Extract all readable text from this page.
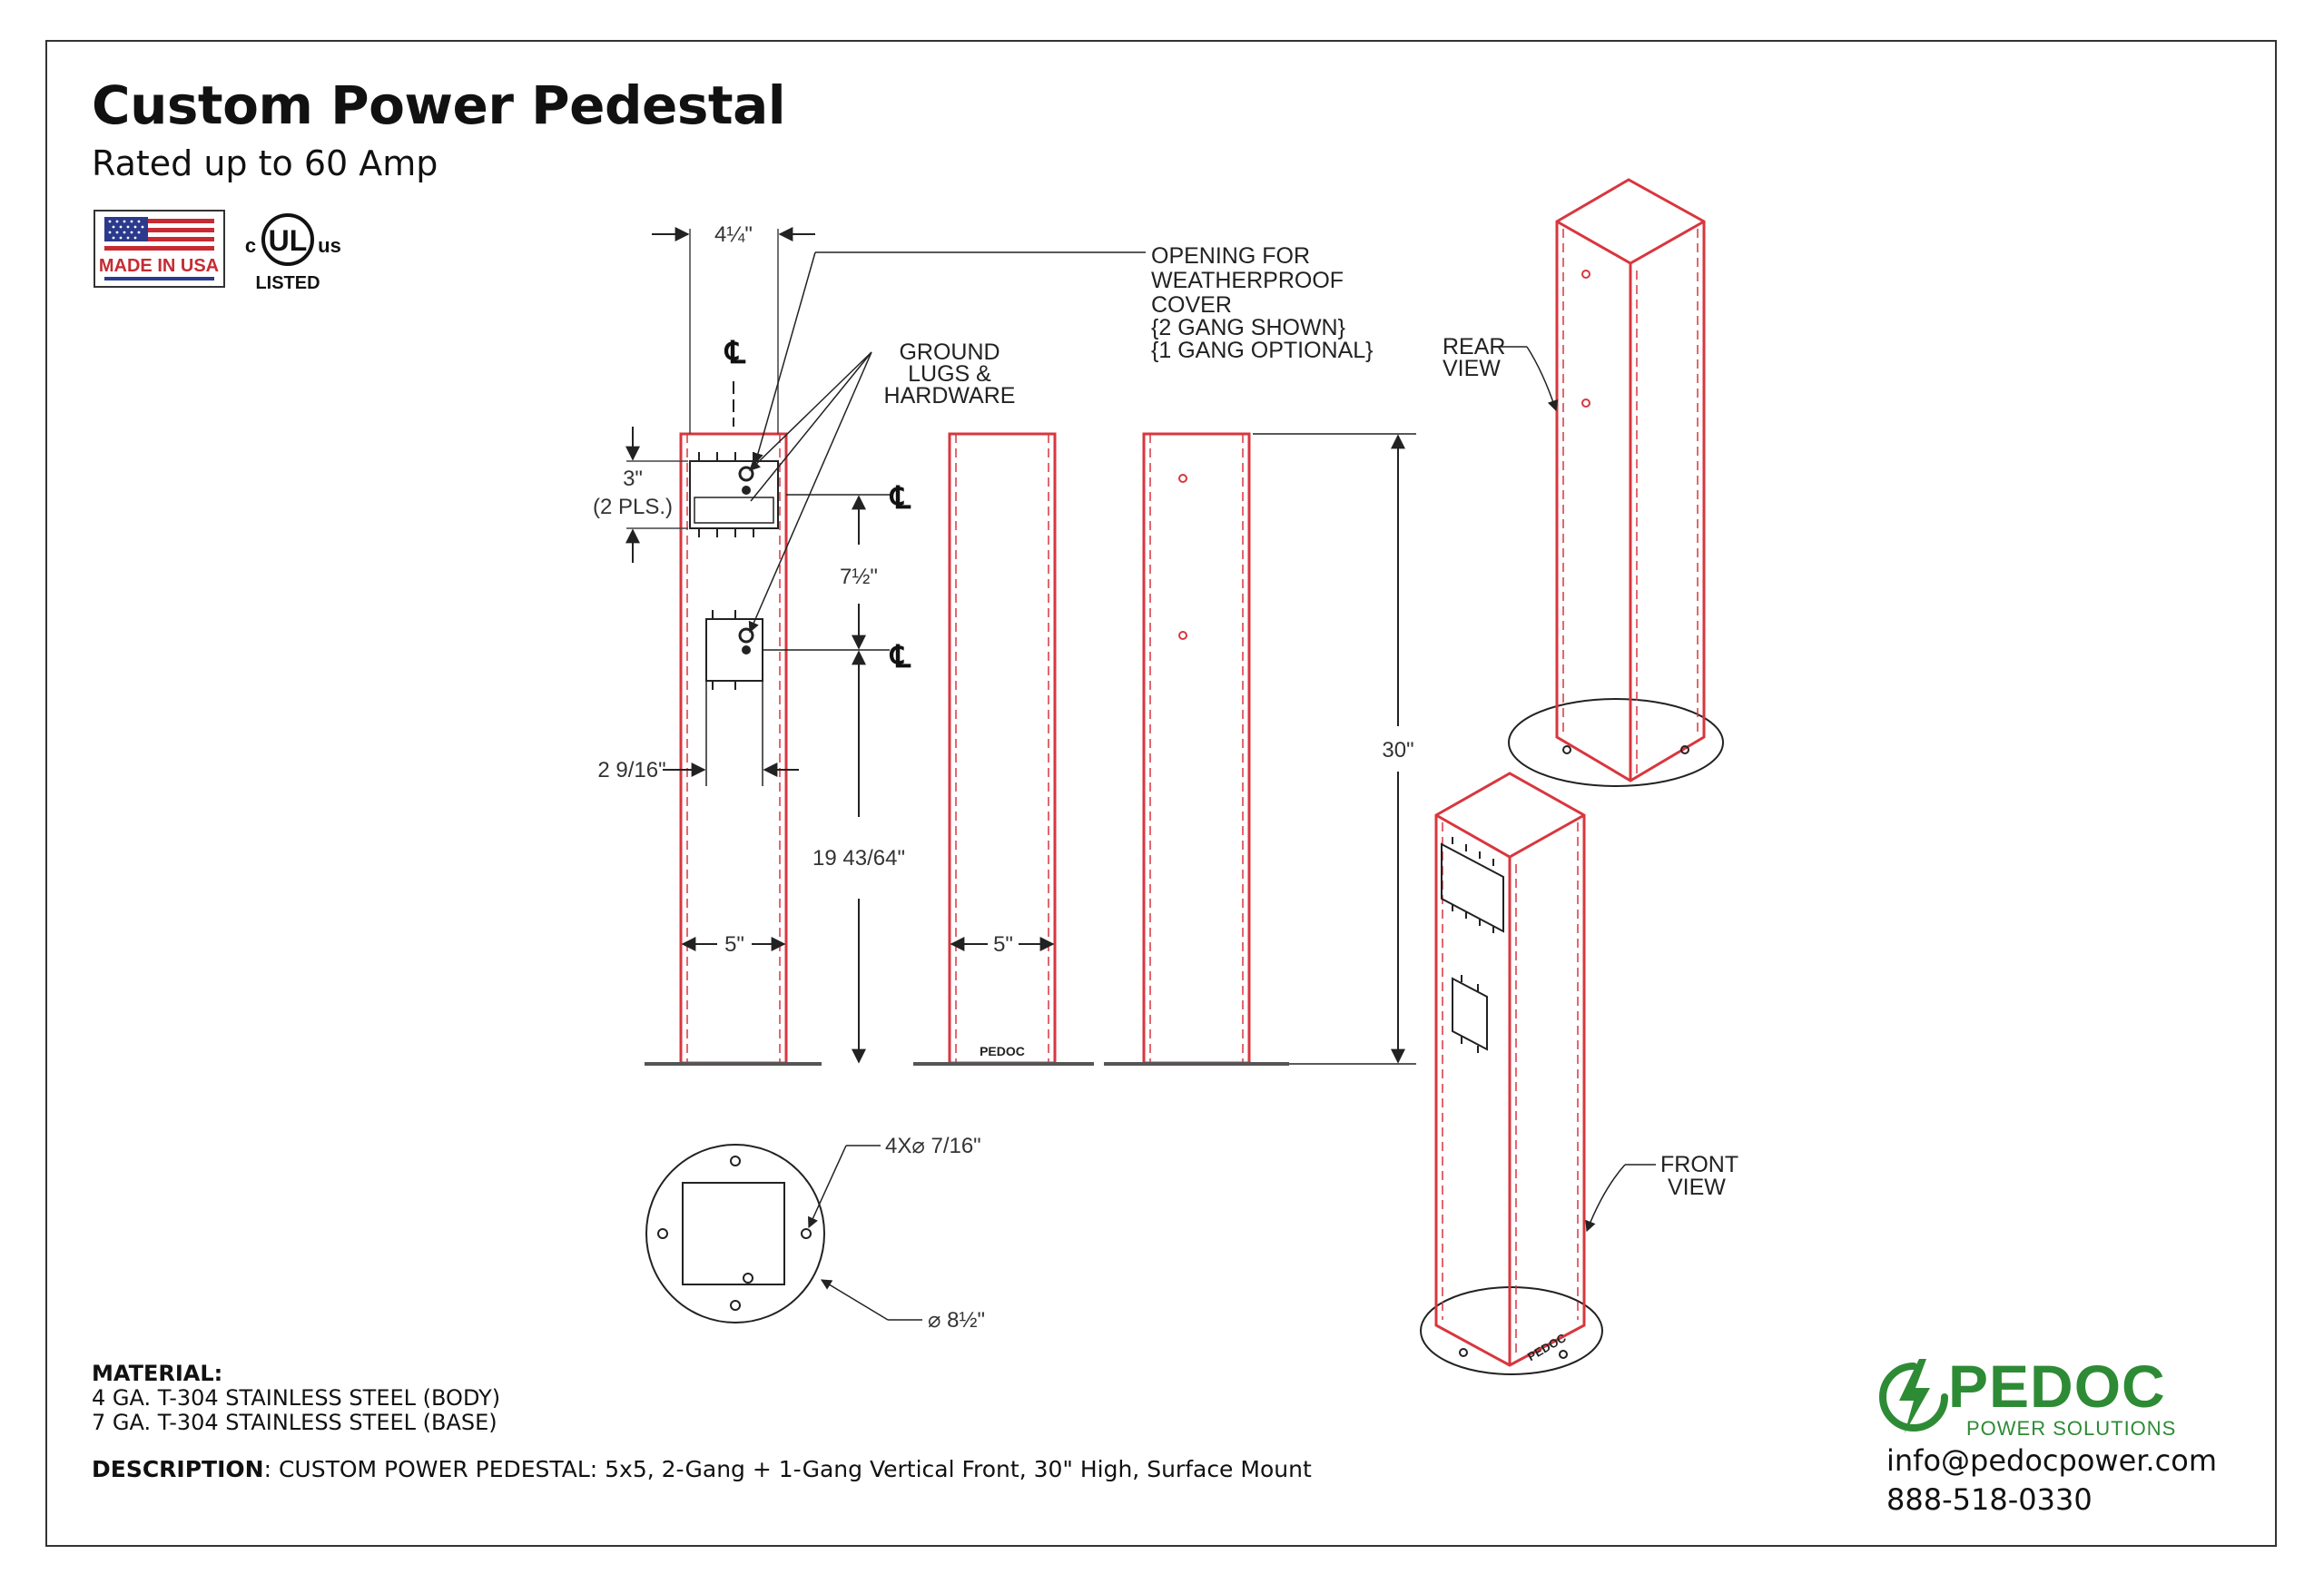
Custom Power Pedestal
Rated up to 60 Amp
MADE IN USA
UL
c	us
LISTED
4¼"
℄
℄
℄
3"
(2 PLS.)
7½"
19 43/64"
2 9/16"
5"
GROUND
LUGS &
HARDWARE
OPENING FOR
WEATHERPROOF
COVER
{2 GANG SHOWN}
{1 GANG OPTIONAL}
PEDOC
5"
30"
4X⌀ 7/16"
⌀ 8½"
REAR
VIEW
PEDOC
FRONT
VIEW
MATERIAL:
4 GA. T-304 STAINLESS STEEL (BODY)
7 GA. T-304 STAINLESS STEEL (BASE)
DESCRIPTION: CUSTOM POWER PEDESTAL: 5x5, 2-Gang + 1-Gang Vertical Front, 30" High, Surface Mount
PEDOC
POWER SOLUTIONS
info@pedocpower.com
888-518-0330
